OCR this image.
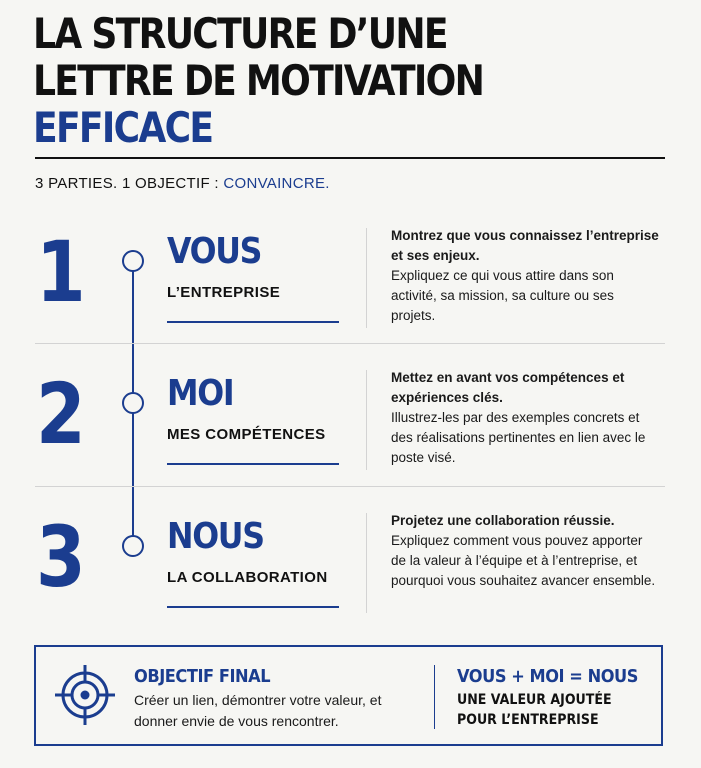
LA STRUCTURE D’UNE
LETTRE DE MOTIVATION
EFFICACE
3 PARTIES. 1 OBJECTIF : CONVAINCRE.
1 VOUS
L’ENTREPRISE
Montrez que vous connaissez l’entreprise et ses enjeux.
Expliquez ce qui vous attire dans son activité, sa mission, sa culture ou ses projets.
2 MOI
MES COMPÉTENCES
Mettez en avant vos compétences et expériences clés.
Illustrez-les par des exemples concrets et des réalisations pertinentes en lien avec le poste visé.
3 NOUS
LA COLLABORATION
Projetez une collaboration réussie.
Expliquez comment vous pouvez apporter de la valeur à l’équipe et à l’entreprise, et pourquoi vous souhaitez avancer ensemble.
OBJECTIF FINAL
Créer un lien, démontrer votre valeur, et donner envie de vous rencontrer.
VOUS + MOI = NOUS
UNE VALEUR AJOUTÉE POUR L’ENTREPRISE
